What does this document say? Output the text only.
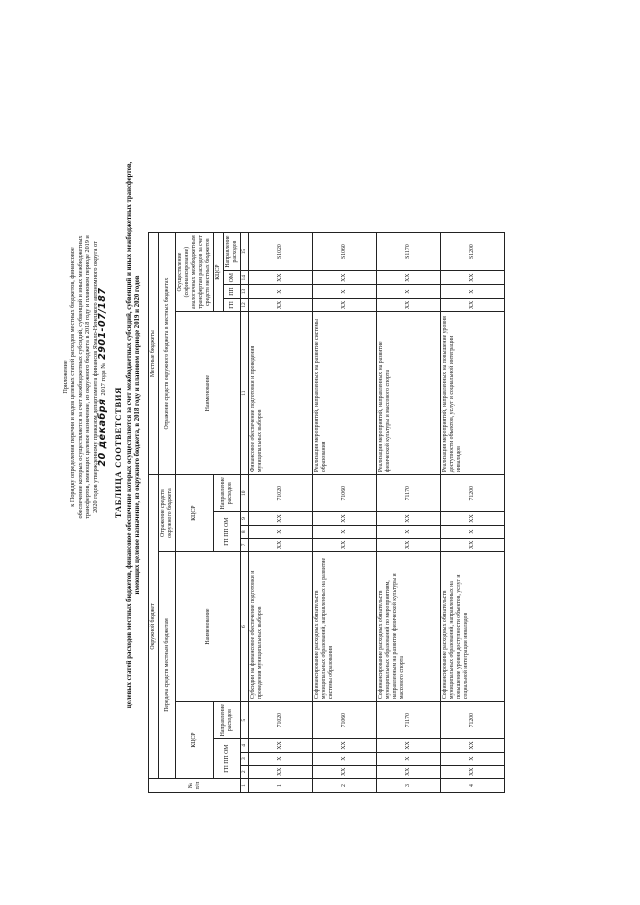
Приложение к Порядку определения перечня и кодов целевых статей расходов местных бюджетов, финансовое обеспечение которых осуществляется за счет межбюджетных субсидий, субвенций и иных межбюджетных трансфертов, имеющих целевое назначение, из окружного бюджета в 2018 году и плановом периоде 2019 и 2020 годов утвержденному приказом департамента финансов Ямало-Ненецкого автономного округа от
20 декабря
2017 года №
2901-07/187
ТАБЛИЦА СООТВЕТСТВИЯ целевых статей расходов местных бюджетов, финансовое обеспечение которых осуществляется за счет межбюджетных субсидий, субвенций и иных межбюджетных трансфертов, имеющих целевое назначение, из окружного бюджета, в 2018 году и плановом периоде 2019 и 2020 годов
№ п/п	Окружной бюджет									Местные бюджеты				
	Передача средств местным бюджетам					Отражение средств окружного бюджета				Отражение средств окружного бюджета в местных бюджетах				
	КЦСР				Наименование	КЦСР				Наименование	Осуществление (софинансирование) аналогичных межбюджетным трансфертам расходов за счет средств местных бюджетов			
	ГП ПП ОМ			Направление расходов		ГП ПП ОМ			Направление расходов		КЦСР			
											ГП	ПП	ОМ	Направление расходов
1	2	3	4	5	6	7	8	9	10	11	12	13	14	15
1	XX	X	XX	71020	Субсидии на финансовое обеспечение подготовки и проведения муниципальных выборов	XX	X	XX	71020	Финансовое обеспечение подготовки и проведения муниципальных выборов	XX	X	XX	S1020
2	XX	X	XX	71060	Софинансирование расходных обязательств муниципальных образований, направленных на развитие системы образования	XX	X	XX	71060	Реализация мероприятий, направленных на развитие системы образования	XX	X	XX	S1060
3	XX	X	XX	71170	Софинансирование расходных обязательств муниципальных образований по мероприятиям, направленным на развитие физической культуры и массового спорта	XX	X	XX	71170	Реализация мероприятий, направленных на развитие физической культуры и массового спорта	XX	X	XX	S1170
4	XX	X	XX	71200	Софинансирование расходных обязательств муниципальных образований, направленных на повышение уровня доступности объектов, услуг и социальной интеграции инвалидов	XX	X	XX	71200	Реализация мероприятий, направленных на повышение уровня доступности объектов, услуг и социальной интеграции инвалидов	XX	X	XX	S1200
